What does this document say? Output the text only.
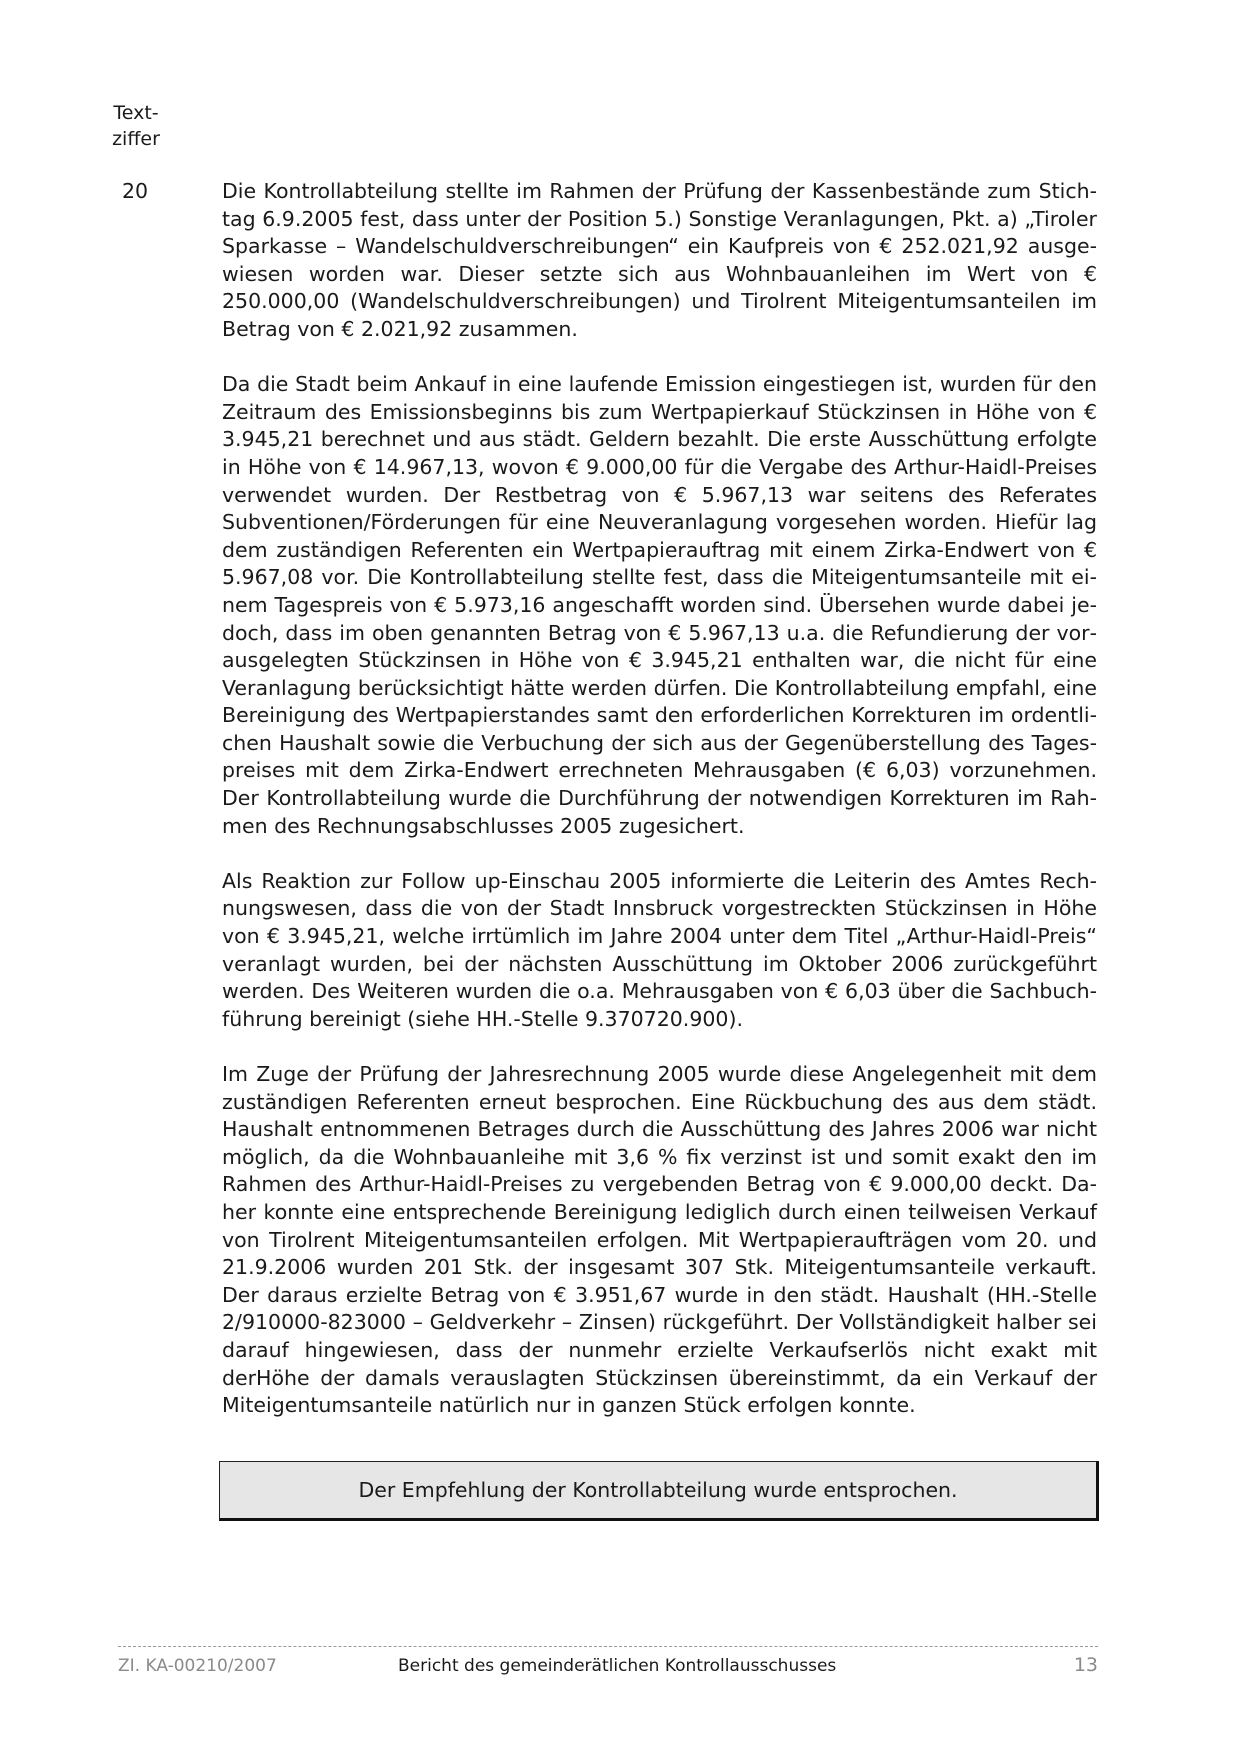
Text-
ziffer
20	Die Kontrollabteilung stellte im Rahmen der Prüfung der Kassenbestände zum Stichtag 6.9.2005 fest, dass unter der Position 5.) Sonstige Veranlagungen, Pkt. a) „Tiroler Sparkasse – Wandelschuldverschreibungen“ ein Kaufpreis von € 252.021,92 ausgewiesen worden war. Dieser setzte sich aus Wohnbauanleihen im Wert von € 250.000,00 (Wandelschuldverschreibungen) und Tirolrent Miteigentumsanteilen im Betrag von € 2.021,92 zusammen.

Da die Stadt beim Ankauf in eine laufende Emission eingestiegen ist, wurden für den Zeitraum des Emissionsbeginns bis zum Wertpapierkauf Stückzinsen in Höhe von € 3.945,21 berechnet und aus städt. Geldern bezahlt. Die erste Ausschüttung erfolgte in Höhe von € 14.967,13, wovon € 9.000,00 für die Vergabe des Arthur-Haidl-Preises verwendet wurden. Der Restbetrag von € 5.967,13 war seitens des Referates Subventionen/Förderungen für eine Neuveranlagung vorgesehen worden. Hiefür lag dem zuständigen Referenten ein Wertpapierauftrag mit einem Zirka-Endwert von € 5.967,08 vor. Die Kontrollabteilung stellte fest, dass die Miteigentumsanteile mit einem Tagespreis von € 5.973,16 angeschafft worden sind. Übersehen wurde dabei jedoch, dass im oben genannten Betrag von € 5.967,13 u.a. die Refundierung der vorausgelegten Stückzinsen in Höhe von € 3.945,21 enthalten war, die nicht für eine Veranlagung berücksichtigt hätte werden dürfen. Die Kontrollabteilung empfahl, eine Bereinigung des Wertpapierstandes samt den erforderlichen Korrekturen im ordentlichen Haushalt sowie die Verbuchung der sich aus der Gegenüberstellung des Tagespreises mit dem Zirka-Endwert errechneten Mehrausgaben (€ 6,03) vorzunehmen. Der Kontrollabteilung wurde die Durchführung der notwendigen Korrekturen im Rahmen des Rechnungsabschlusses 2005 zugesichert.

Als Reaktion zur Follow up-Einschau 2005 informierte die Leiterin des Amtes Rechnungswesen, dass die von der Stadt Innsbruck vorgestreckten Stückzinsen in Höhe von € 3.945,21, welche irrtümlich im Jahre 2004 unter dem Titel „Arthur-Haidl-Preis“ veranlagt wurden, bei der nächsten Ausschüttung im Oktober 2006 zurückgeführt werden. Des Weiteren wurden die o.a. Mehrausgaben von € 6,03 über die Sachbuchführung bereinigt (siehe HH.-Stelle 9.370720.900).

Im Zuge der Prüfung der Jahresrechnung 2005 wurde diese Angelegenheit mit dem zuständigen Referenten erneut besprochen. Eine Rückbuchung des aus dem städt. Haushalt entnommenen Betrages durch die Ausschüttung des Jahres 2006 war nicht möglich, da die Wohnbauanleihe mit 3,6 % fix verzinst ist und somit exakt den im Rahmen des Arthur-Haidl-Preises zu vergebenden Betrag von € 9.000,00 deckt. Daher konnte eine entsprechende Bereinigung lediglich durch einen teilweisen Verkauf von Tirolrent Miteigentumsanteilen erfolgen. Mit Wertpapieraufträgen vom 20. und 21.9.2006 wurden 201 Stk. der insgesamt 307 Stk. Miteigentumsanteile verkauft. Der daraus erzielte Betrag von € 3.951,67 wurde in den städt. Haushalt (HH.-Stelle 2/910000-823000 – Geldverkehr – Zinsen) rückgeführt. Der Vollständigkeit halber sei darauf hingewiesen, dass der nunmehr erzielte Verkaufserlös nicht exakt mit derHöhe der damals verauslagten Stückzinsen übereinstimmt, da ein Verkauf der Miteigentumsanteile natürlich nur in ganzen Stück erfolgen konnte.

Der Empfehlung der Kontrollabteilung wurde entsprochen.
ZI. KA-00210/2007	Bericht des gemeinderätlichen Kontrollausschusses	13
